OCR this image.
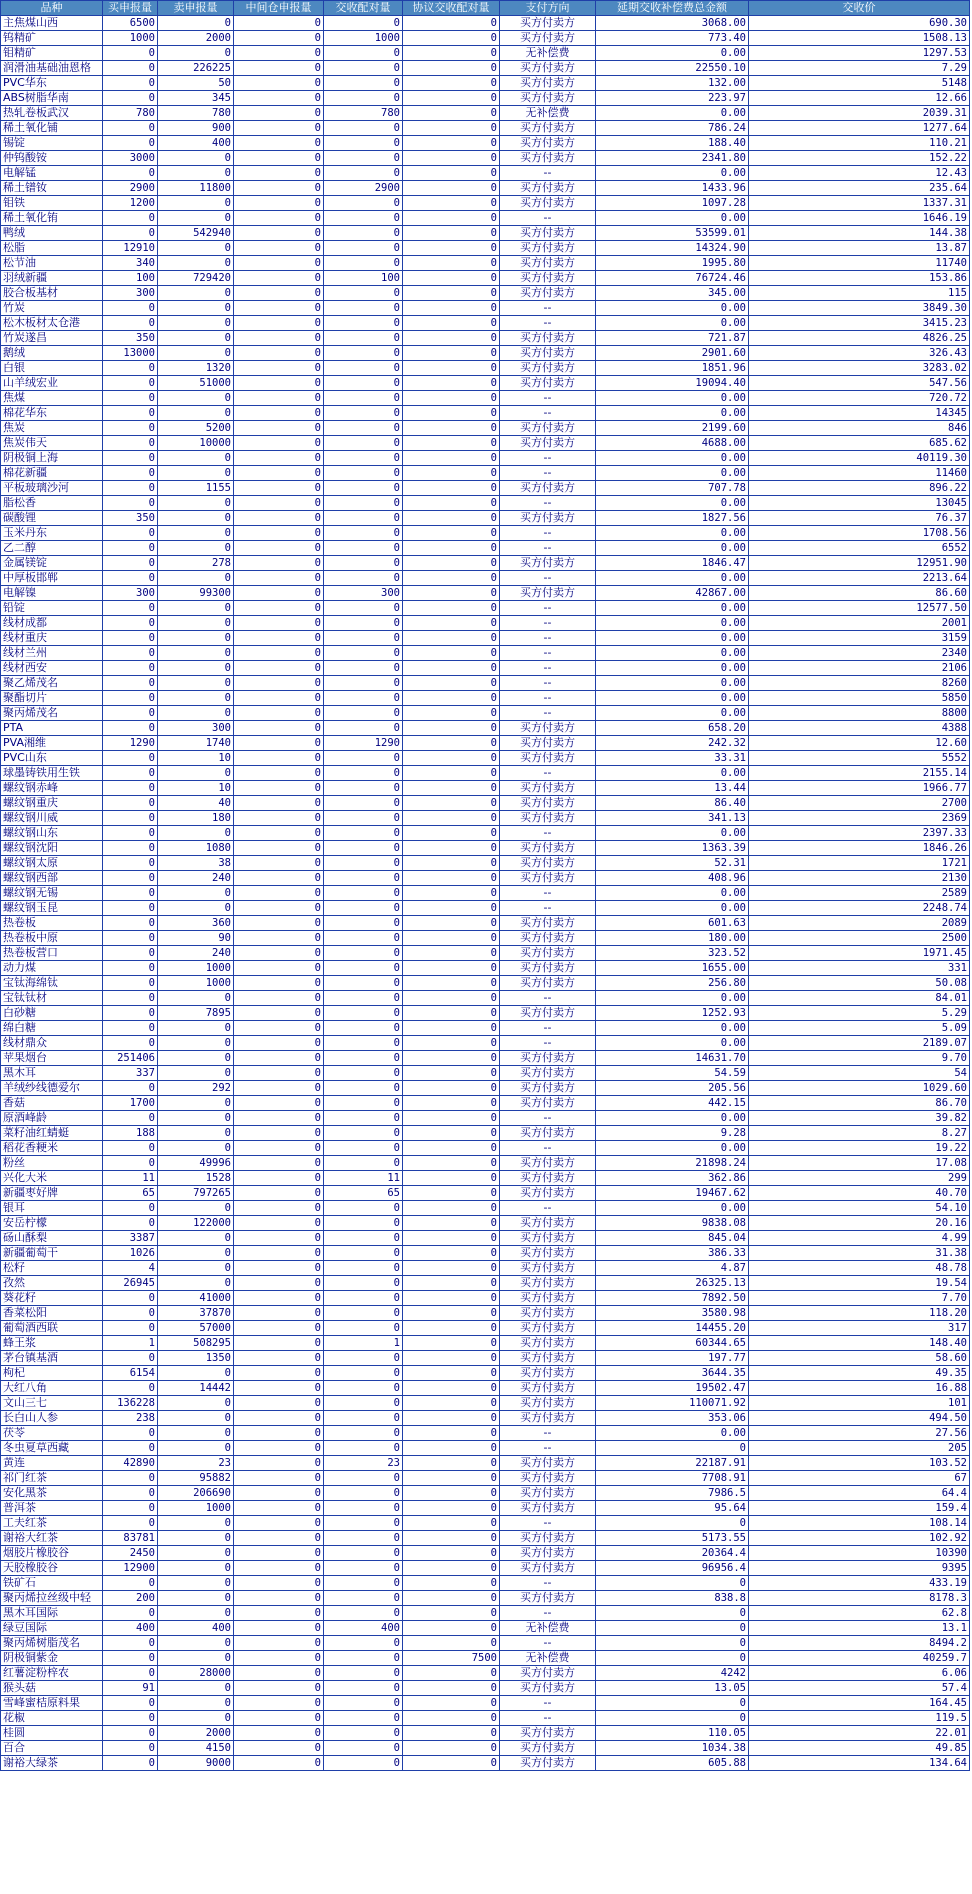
品种	买申报量	卖申报量	中间仓申报量	交收配对量	协议交收配对量	支付方向	延期交收补偿费总金额	交收价
主焦煤山西	6500	0	0	0	0	买方付卖方	3068.00	690.30
钨精矿	1000	2000	0	1000	0	买方付卖方	773.40	1508.13
钼精矿	0	0	0	0	0	无补偿费	0.00	1297.53
润滑油基础油恩格	0	226225	0	0	0	买方付卖方	22550.10	7.29
PVC华东	0	50	0	0	0	买方付卖方	132.00	5148
ABS树脂华南	0	345	0	0	0	买方付卖方	223.97	12.66
热轧卷板武汉	780	780	0	780	0	无补偿费	0.00	2039.31
稀土氧化铺	0	900	0	0	0	买方付卖方	786.24	1277.64
锡锭	0	400	0	0	0	买方付卖方	188.40	110.21
仲钨酸铵	3000	0	0	0	0	买方付卖方	2341.80	152.22
电解锰	0	0	0	0	0	--	0.00	12.43
稀土镨钕	2900	11800	0	2900	0	买方付卖方	1433.96	235.64
钼铁	1200	0	0	0	0	买方付卖方	1097.28	1337.31
稀土氧化铕	0	0	0	0	0	--	0.00	1646.19
鸭绒	0	542940	0	0	0	买方付卖方	53599.01	144.38
松脂	12910	0	0	0	0	买方付卖方	14324.90	13.87
松节油	340	0	0	0	0	买方付卖方	1995.80	11740
羽绒新疆	100	729420	0	100	0	买方付卖方	76724.46	153.86
胶合板基材	300	0	0	0	0	买方付卖方	345.00	115
竹炭	0	0	0	0	0	--	0.00	3849.30
松木板材太仓港	0	0	0	0	0	--	0.00	3415.23
竹炭遂昌	350	0	0	0	0	买方付卖方	721.87	4826.25
鹅绒	13000	0	0	0	0	买方付卖方	2901.60	326.43
白银	0	1320	0	0	0	买方付卖方	1851.96	3283.02
山羊绒宏业	0	51000	0	0	0	买方付卖方	19094.40	547.56
焦煤	0	0	0	0	0	--	0.00	720.72
棉花华东	0	0	0	0	0	--	0.00	14345
焦炭	0	5200	0	0	0	买方付卖方	2199.60	846
焦炭伟天	0	10000	0	0	0	买方付卖方	4688.00	685.62
阴极铜上海	0	0	0	0	0	--	0.00	40119.30
棉花新疆	0	0	0	0	0	--	0.00	11460
平板玻璃沙河	0	1155	0	0	0	买方付卖方	707.78	896.22
脂松香	0	0	0	0	0	--	0.00	13045
碳酸锂	350	0	0	0	0	买方付卖方	1827.56	76.37
玉米丹东	0	0	0	0	0	--	0.00	1708.56
乙二醇	0	0	0	0	0	--	0.00	6552
金属镁锭	0	278	0	0	0	买方付卖方	1846.47	12951.90
中厚板邯郸	0	0	0	0	0	--	0.00	2213.64
电解镍	300	99300	0	300	0	买方付卖方	42867.00	86.60
铅锭	0	0	0	0	0	--	0.00	12577.50
线材成都	0	0	0	0	0	--	0.00	2001
线材重庆	0	0	0	0	0	--	0.00	3159
线材兰州	0	0	0	0	0	--	0.00	2340
线材西安	0	0	0	0	0	--	0.00	2106
聚乙烯茂名	0	0	0	0	0	--	0.00	8260
聚酯切片	0	0	0	0	0	--	0.00	5850
聚丙烯茂名	0	0	0	0	0	--	0.00	8800
PTA	0	300	0	0	0	买方付卖方	658.20	4388
PVA湘维	1290	1740	0	1290	0	买方付卖方	242.32	12.60
PVC山东	0	10	0	0	0	买方付卖方	33.31	5552
球墨铸铁用生铁	0	0	0	0	0	--	0.00	2155.14
螺纹钢赤峰	0	10	0	0	0	买方付卖方	13.44	1966.77
螺纹钢重庆	0	40	0	0	0	买方付卖方	86.40	2700
螺纹钢川威	0	180	0	0	0	买方付卖方	341.13	2369
螺纹钢山东	0	0	0	0	0	--	0.00	2397.33
螺纹钢沈阳	0	1080	0	0	0	买方付卖方	1363.39	1846.26
螺纹钢太原	0	38	0	0	0	买方付卖方	52.31	1721
螺纹钢西部	0	240	0	0	0	买方付卖方	408.96	2130
螺纹钢无锡	0	0	0	0	0	--	0.00	2589
螺纹钢玉昆	0	0	0	0	0	--	0.00	2248.74
热卷板	0	360	0	0	0	买方付卖方	601.63	2089
热卷板中原	0	90	0	0	0	买方付卖方	180.00	2500
热卷板营口	0	240	0	0	0	买方付卖方	323.52	1971.45
动力煤	0	1000	0	0	0	买方付卖方	1655.00	331
宝钛海绵钛	0	1000	0	0	0	买方付卖方	256.80	50.08
宝钛钛材	0	0	0	0	0	--	0.00	84.01
白砂糖	0	7895	0	0	0	买方付卖方	1252.93	5.29
绵白糖	0	0	0	0	0	--	0.00	5.09
线材鼎众	0	0	0	0	0	--	0.00	2189.07
苹果烟台	251406	0	0	0	0	买方付卖方	14631.70	9.70
黑木耳	337	0	0	0	0	买方付卖方	54.59	54
羊绒纱线德爱尔	0	292	0	0	0	买方付卖方	205.56	1029.60
香菇	1700	0	0	0	0	买方付卖方	442.15	86.70
原酒峰龄	0	0	0	0	0	--	0.00	39.82
菜籽油红蜻蜓	188	0	0	0	0	买方付卖方	9.28	8.27
稻花香粳米	0	0	0	0	0	--	0.00	19.22
粉丝	0	49996	0	0	0	买方付卖方	21898.24	17.08
兴化大米	11	1528	0	11	0	买方付卖方	362.86	299
新疆枣好牌	65	797265	0	65	0	买方付卖方	19467.62	40.70
银耳	0	0	0	0	0	--	0.00	54.10
安岳柠檬	0	122000	0	0	0	买方付卖方	9838.08	20.16
砀山酥梨	3387	0	0	0	0	买方付卖方	845.04	4.99
新疆葡萄干	1026	0	0	0	0	买方付卖方	386.33	31.38
松籽	4	0	0	0	0	买方付卖方	4.87	48.78
孜然	26945	0	0	0	0	买方付卖方	26325.13	19.54
葵花籽	0	41000	0	0	0	买方付卖方	7892.50	7.70
香菜松阳	0	37870	0	0	0	买方付卖方	3580.98	118.20
葡萄酒西联	0	57000	0	0	0	买方付卖方	14455.20	317
蜂王浆	1	508295	0	1	0	买方付卖方	60344.65	148.40
茅台镇基酒	0	1350	0	0	0	买方付卖方	197.77	58.60
枸杞	6154	0	0	0	0	买方付卖方	3644.35	49.35
大红八角	0	14442	0	0	0	买方付卖方	19502.47	16.88
文山三七	136228	0	0	0	0	买方付卖方	110071.92	101
长白山人参	238	0	0	0	0	买方付卖方	353.06	494.50
茯苓	0	0	0	0	0	--	0.00	27.56
冬虫夏草西藏	0	0	0	0	0	--	0	205
黄连	42890	23	0	23	0	买方付卖方	22187.91	103.52
祁门红茶	0	95882	0	0	0	买方付卖方	7708.91	67
安化黑茶	0	206690	0	0	0	买方付卖方	7986.5	64.4
普洱茶	0	1000	0	0	0	买方付卖方	95.64	159.4
工夫红茶	0	0	0	0	0	--	0	108.14
谢裕大红茶	83781	0	0	0	0	买方付卖方	5173.55	102.92
烟胶片橡胶谷	2450	0	0	0	0	买方付卖方	20364.4	10390
天胶橡胶谷	12900	0	0	0	0	买方付卖方	96956.4	9395
铁矿石	0	0	0	0	0	--	0	433.19
聚丙烯拉丝级中轻	200	0	0	0	0	买方付卖方	838.8	8178.3
黑木耳国际	0	0	0	0	0	--	0	62.8
绿豆国际	400	400	0	400	0	无补偿费	0	13.1
聚丙烯树脂茂名	0	0	0	0	0	--	0	8494.2
阴极铜紫金	0	0	0	0	7500	无补偿费	0	40259.7
红薯淀粉梓农	0	28000	0	0	0	买方付卖方	4242	6.06
猴头菇	91	0	0	0	0	买方付卖方	13.05	57.4
雪峰蜜桔原料果	0	0	0	0	0	--	0	164.45
花椒	0	0	0	0	0	--	0	119.5
桂圆	0	2000	0	0	0	买方付卖方	110.05	22.01
百合	0	4150	0	0	0	买方付卖方	1034.38	49.85
谢裕大绿茶	0	9000	0	0	0	买方付卖方	605.88	134.64
